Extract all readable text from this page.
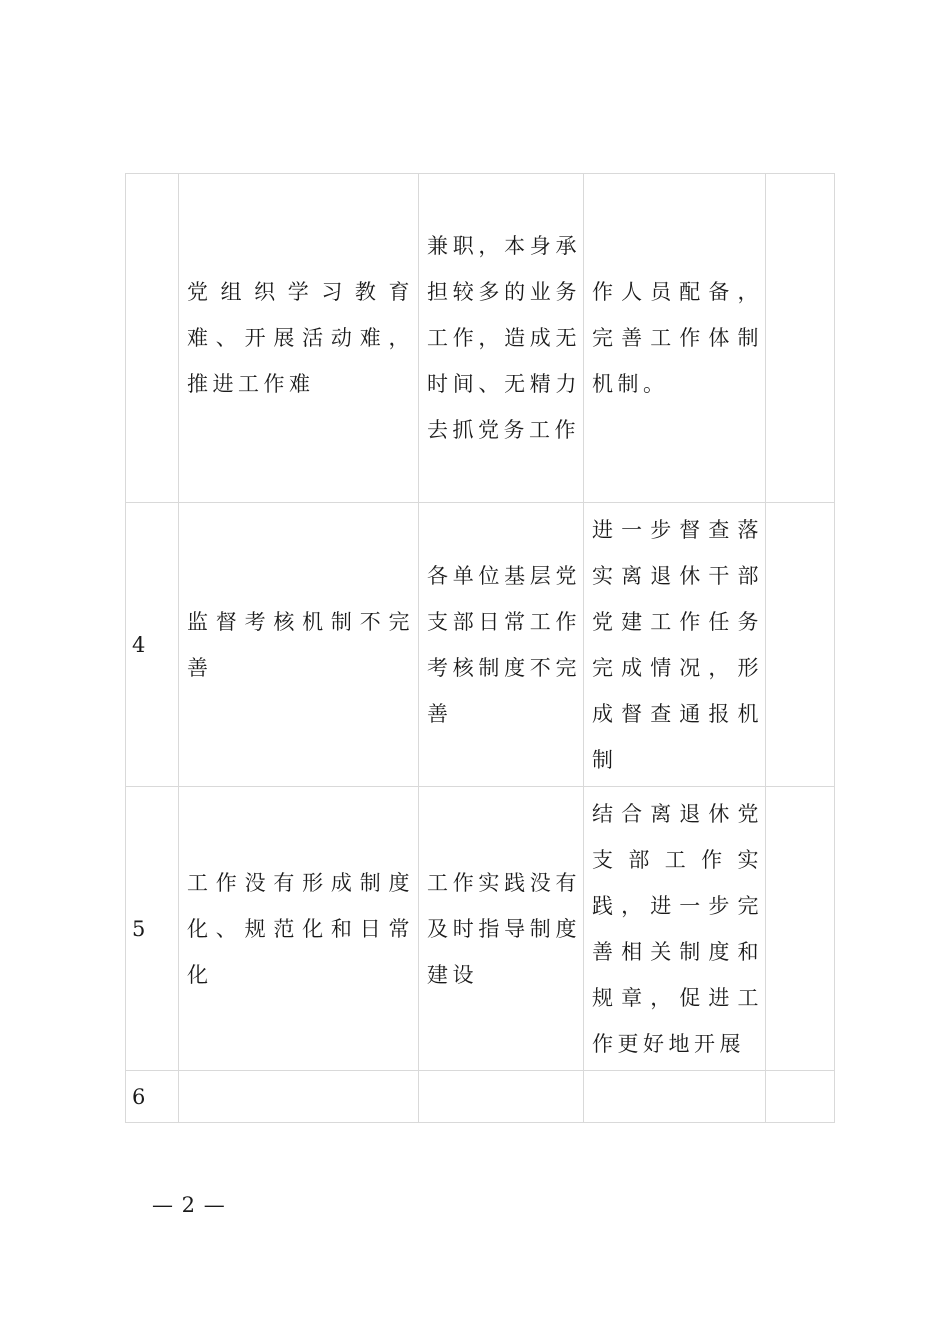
	党组织学习教育难、开展活动难，推进工作难	兼职，本身承担较多的业务工作，造成无时间、无精力去抓党务工作	作人员配备，完善工作体制机制。	

4	监督考核机制不完善	各单位基层党支部日常工作考核制度不完善	进一步督查落实离退休干部党建工作任务完成情况，形成督查通报机制	

5	工作没有形成制度化、规范化和日常化	工作实践没有及时指导制度建设	结合离退休党支部工作实践，进一步完善相关制度和规章，促进工作更好地开展	

6	

— 2 —
